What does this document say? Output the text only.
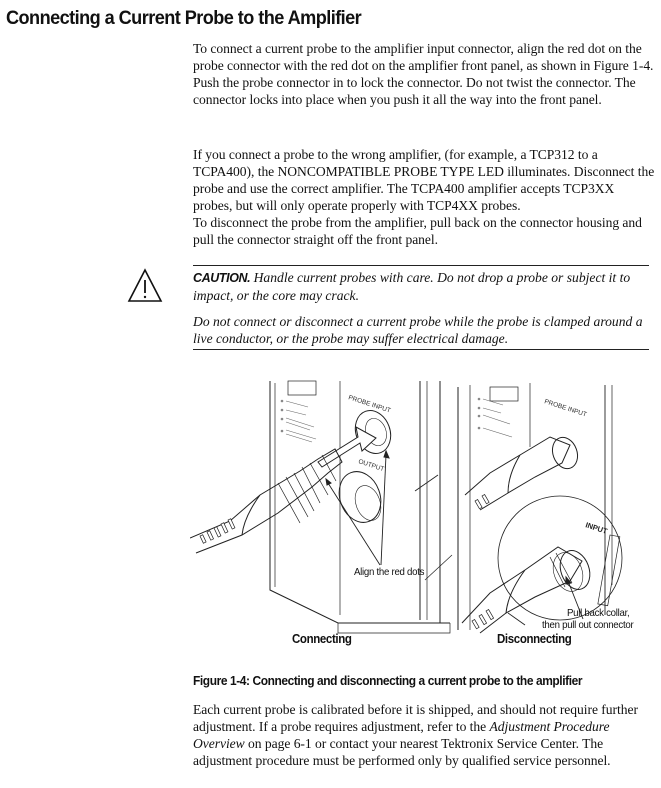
Connecting a Current Probe to the Amplifier

To connect a current probe to the amplifier input connector, align the red dot on the probe connector with the red dot on the amplifier front panel, as shown in Figure 1-4. Push the probe connector in to lock the connector. Do not twist the connector. The connector locks into place when you push it all the way into the front panel.

If you connect a probe to the wrong amplifier, (for example, a TCP312 to a TCPA400), the NONCOMPATIBLE PROBE TYPE LED illuminates. Disconnect the probe and use the correct amplifier. The TCPA400 amplifier accepts TCP3XX probes, but will only operate properly with TCP4XX probes.

To disconnect the probe from the amplifier, pull back on the connector housing and pull the connector straight off the front panel.

CAUTION. Handle current probes with care. Do not drop a probe or subject it to impact, or the core may crack.

Do not connect or disconnect a current probe while the probe is clamped around a live conductor, or the probe may suffer electrical damage.

PROBE INPUT
OUTPUT
PROBE INPUT
INPUT
Align the red dots
Pull back collar,
then pull out connector
Connecting	Disconnecting

Figure 1-4: Connecting and disconnecting a current probe to the amplifier

Each current probe is calibrated before it is shipped, and should not require further adjustment. If a probe requires adjustment, refer to the Adjustment Procedure Overview on page 6-1 or contact your nearest Tektronix Service Center. The adjustment procedure must be performed only by qualified service personnel.
